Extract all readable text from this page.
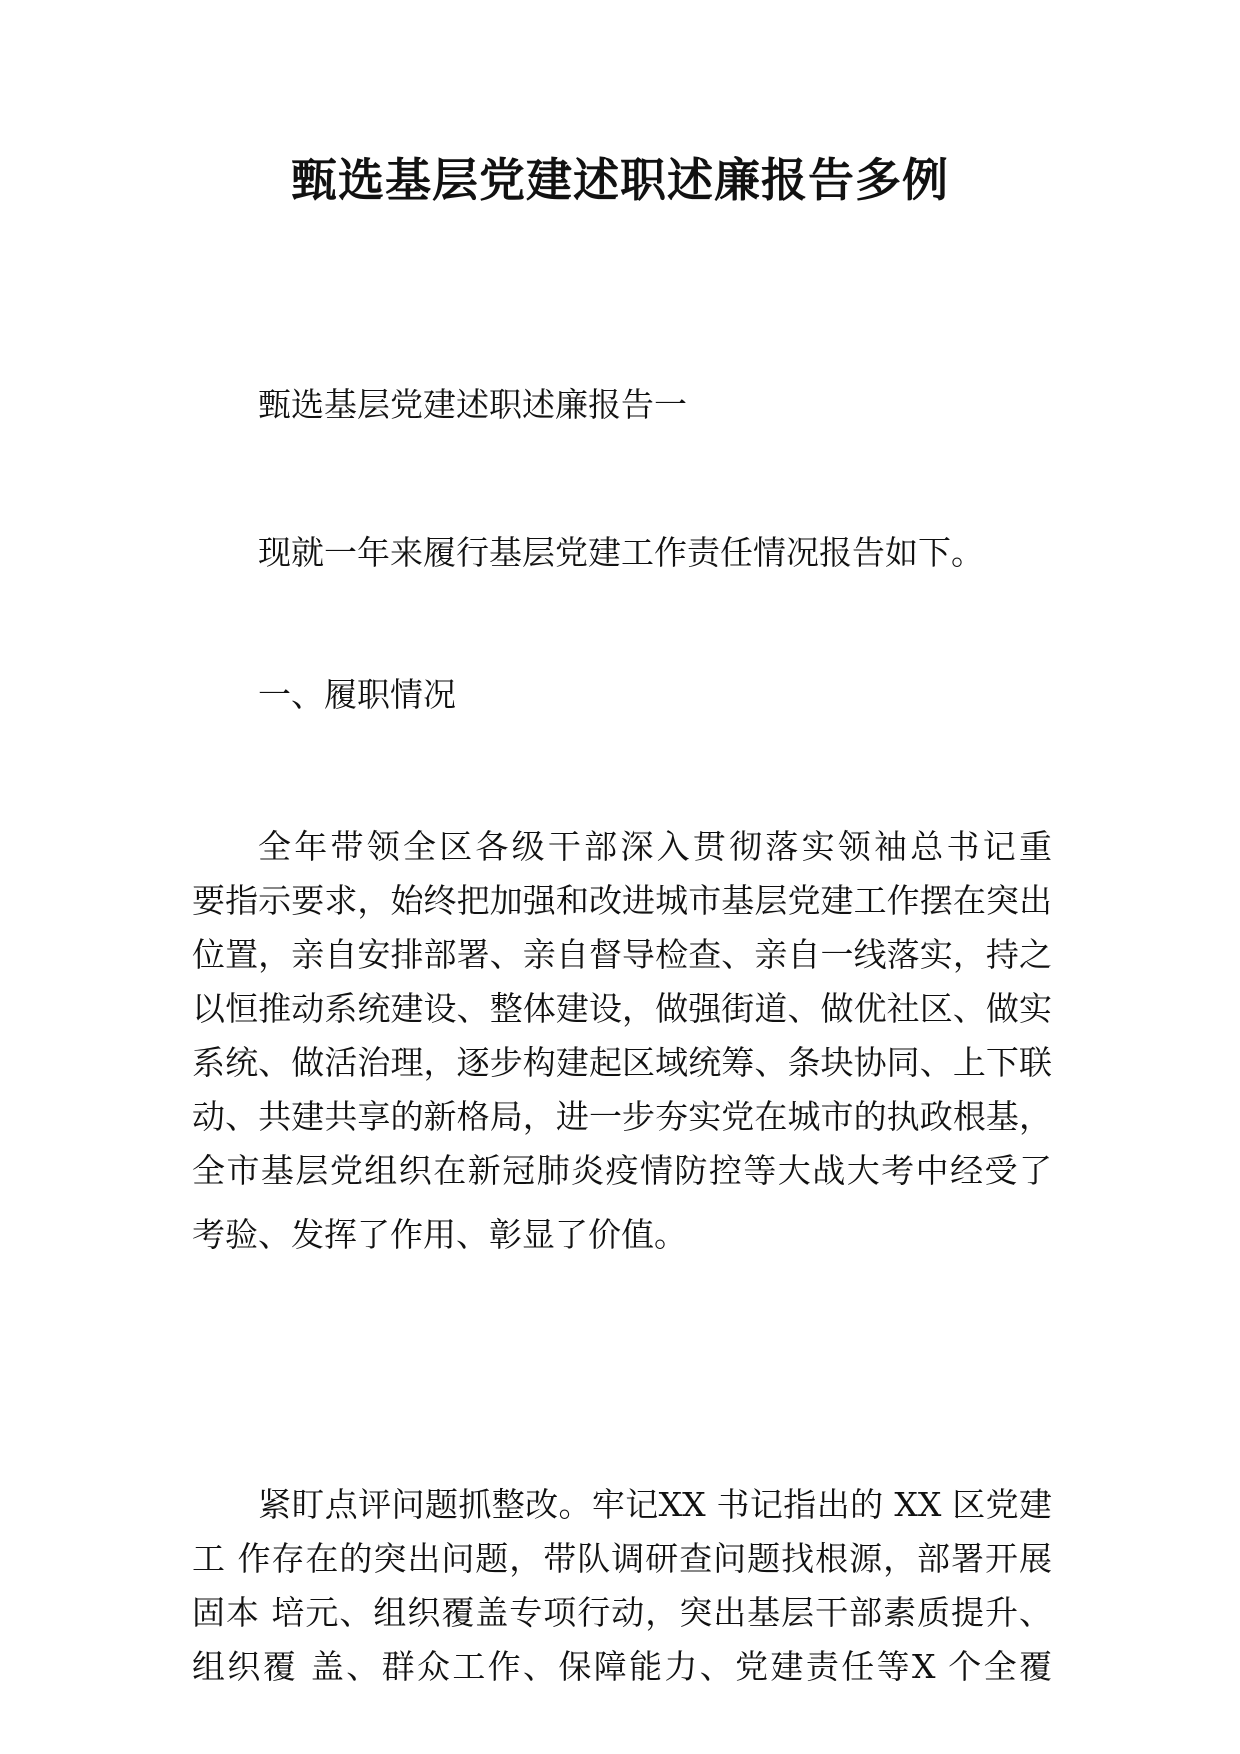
甄选基层党建述职述廉报告多例

甄选基层党建述职述廉报告一

现就一年来履行基层党建工作责任情况报告如下。

一、履职情况

全年带领全区各级干部深入贯彻落实领袖总书记重
要指示要求，始终把加强和改进城市基层党建工作摆在突出
位置，亲自安排部署、亲自督导检查、亲自一线落实，持之
以恒推动系统建设、整体建设，做强街道、做优社区、做实
系统、做活治理，逐步构建起区域统筹、条块协同、上下联
动、共建共享的新格局，进一步夯实党在城市的执政根基，
全市基层党组织在新冠肺炎疫情防控等大战大考中经受了
考验、发挥了作用、彰显了价值。
紧盯点评问题抓整改。牢记XX 书记指出的 XX 区党建
工 作存在的突出问题，带队调研查问题找根源，部署开展
固本 培元、组织覆盖专项行动，突出基层干部素质提升、
组织覆 盖、群众工作、保障能力、党建责任等X 个全覆
